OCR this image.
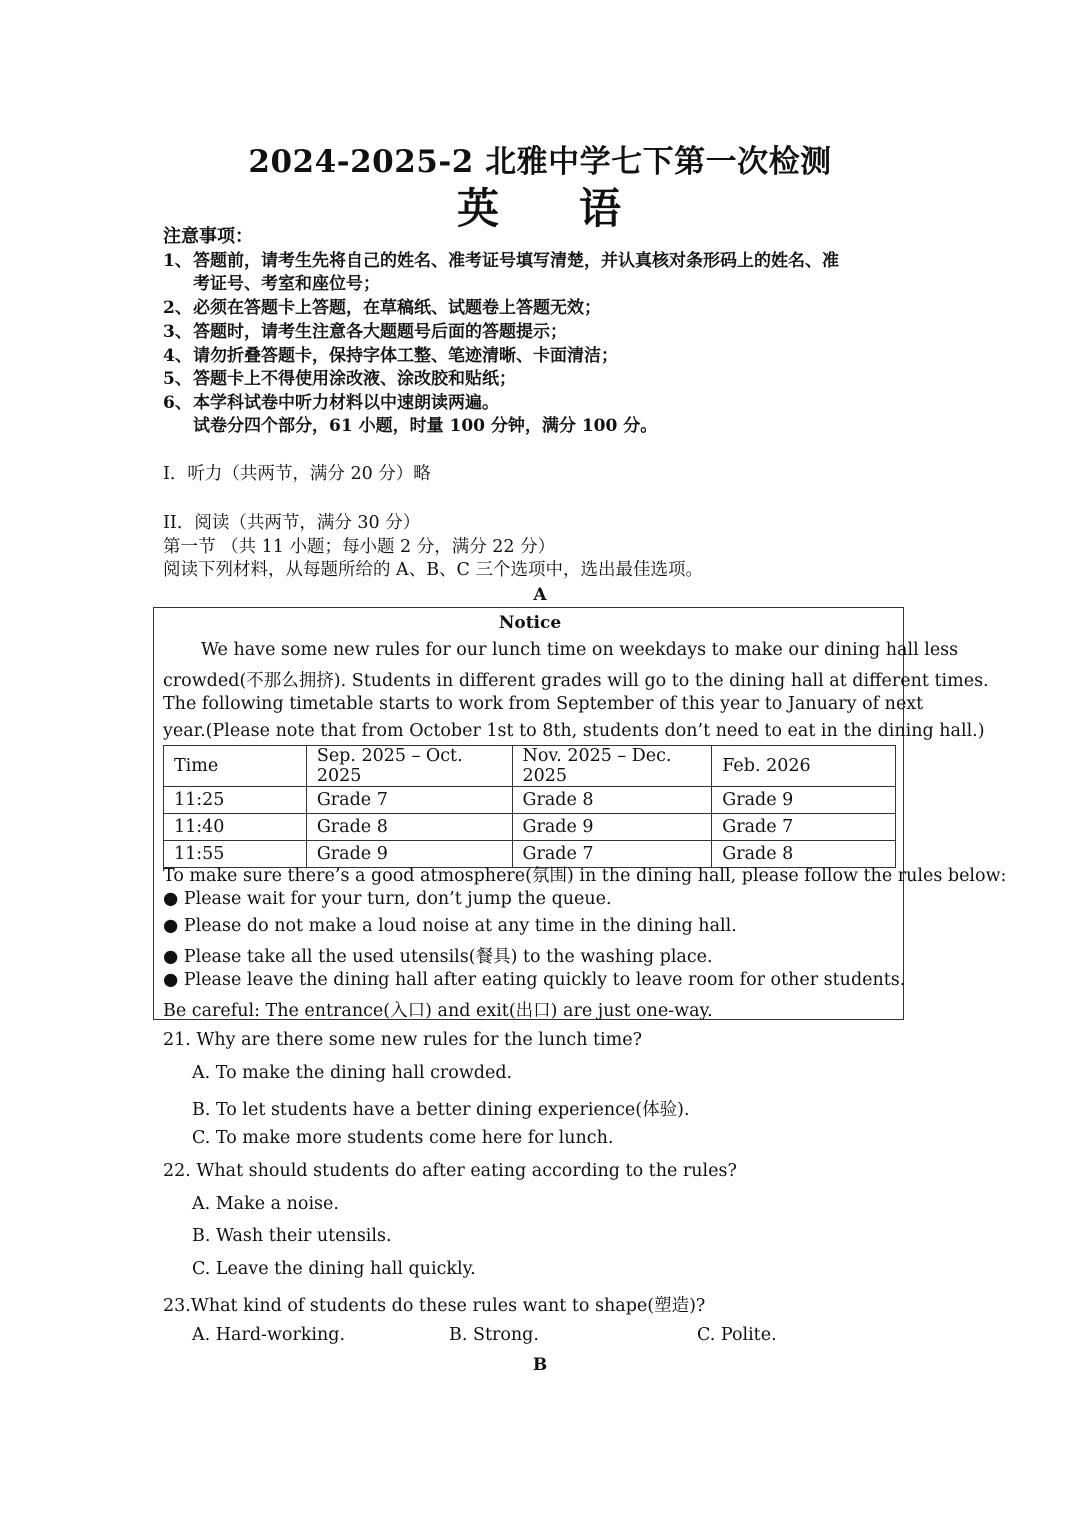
2024-2025-2 北雅中学七下第一次检测
英 语
注意事项：
1、答题前，请考生先将自己的姓名、准考证号填写清楚，并认真核对条形码上的姓名、准
考证号、考室和座位号；
2、必须在答题卡上答题，在草稿纸、试题卷上答题无效；
3、答题时，请考生注意各大题题号后面的答题提示；
4、请勿折叠答题卡，保持字体工整、笔迹清晰、卡面清洁；
5、答题卡上不得使用涂改液、涂改胶和贴纸；
6、本学科试卷中听力材料以中速朗读两遍。
试卷分四个部分，61 小题，时量 100 分钟，满分 100 分。
I．听力（共两节，满分 20 分）略
II．阅读（共两节，满分 30 分）
第一节 （共 11 小题；每小题 2 分，满分 22 分）
阅读下列材料，从每题所给的 A、B、C 三个选项中，选出最佳选项。
A
Notice
We have some new rules for our lunch time on weekdays to make our dining hall less
crowded(不那么拥挤). Students in different grades will go to the dining hall at different times.
The following timetable starts to work from September of this year to January of next
year.(Please note that from October 1st to 8th, students don’t need to eat in the dining hall.)
Time	Sep. 2025 – Oct. 2025	Nov. 2025 – Dec. 2025	Feb. 2026
11:25	Grade 7	Grade 8	Grade 9
11:40	Grade 8	Grade 9	Grade 7
11:55	Grade 9	Grade 7	Grade 8
To make sure there’s a good atmosphere(氛围) in the dining hall, please follow the rules below:
● Please wait for your turn, don’t jump the queue.
● Please do not make a loud noise at any time in the dining hall.
● Please take all the used utensils(餐具) to the washing place.
● Please leave the dining hall after eating quickly to leave room for other students.
Be careful: The entrance(入口) and exit(出口) are just one-way.
21. Why are there some new rules for the lunch time?
A. To make the dining hall crowded.
B. To let students have a better dining experience(体验).
C. To make more students come here for lunch.
22. What should students do after eating according to the rules?
A. Make a noise.
B. Wash their utensils.
C. Leave the dining hall quickly.
23.What kind of students do these rules want to shape(塑造)?
A. Hard-working.	B. Strong.	C. Polite.
B
